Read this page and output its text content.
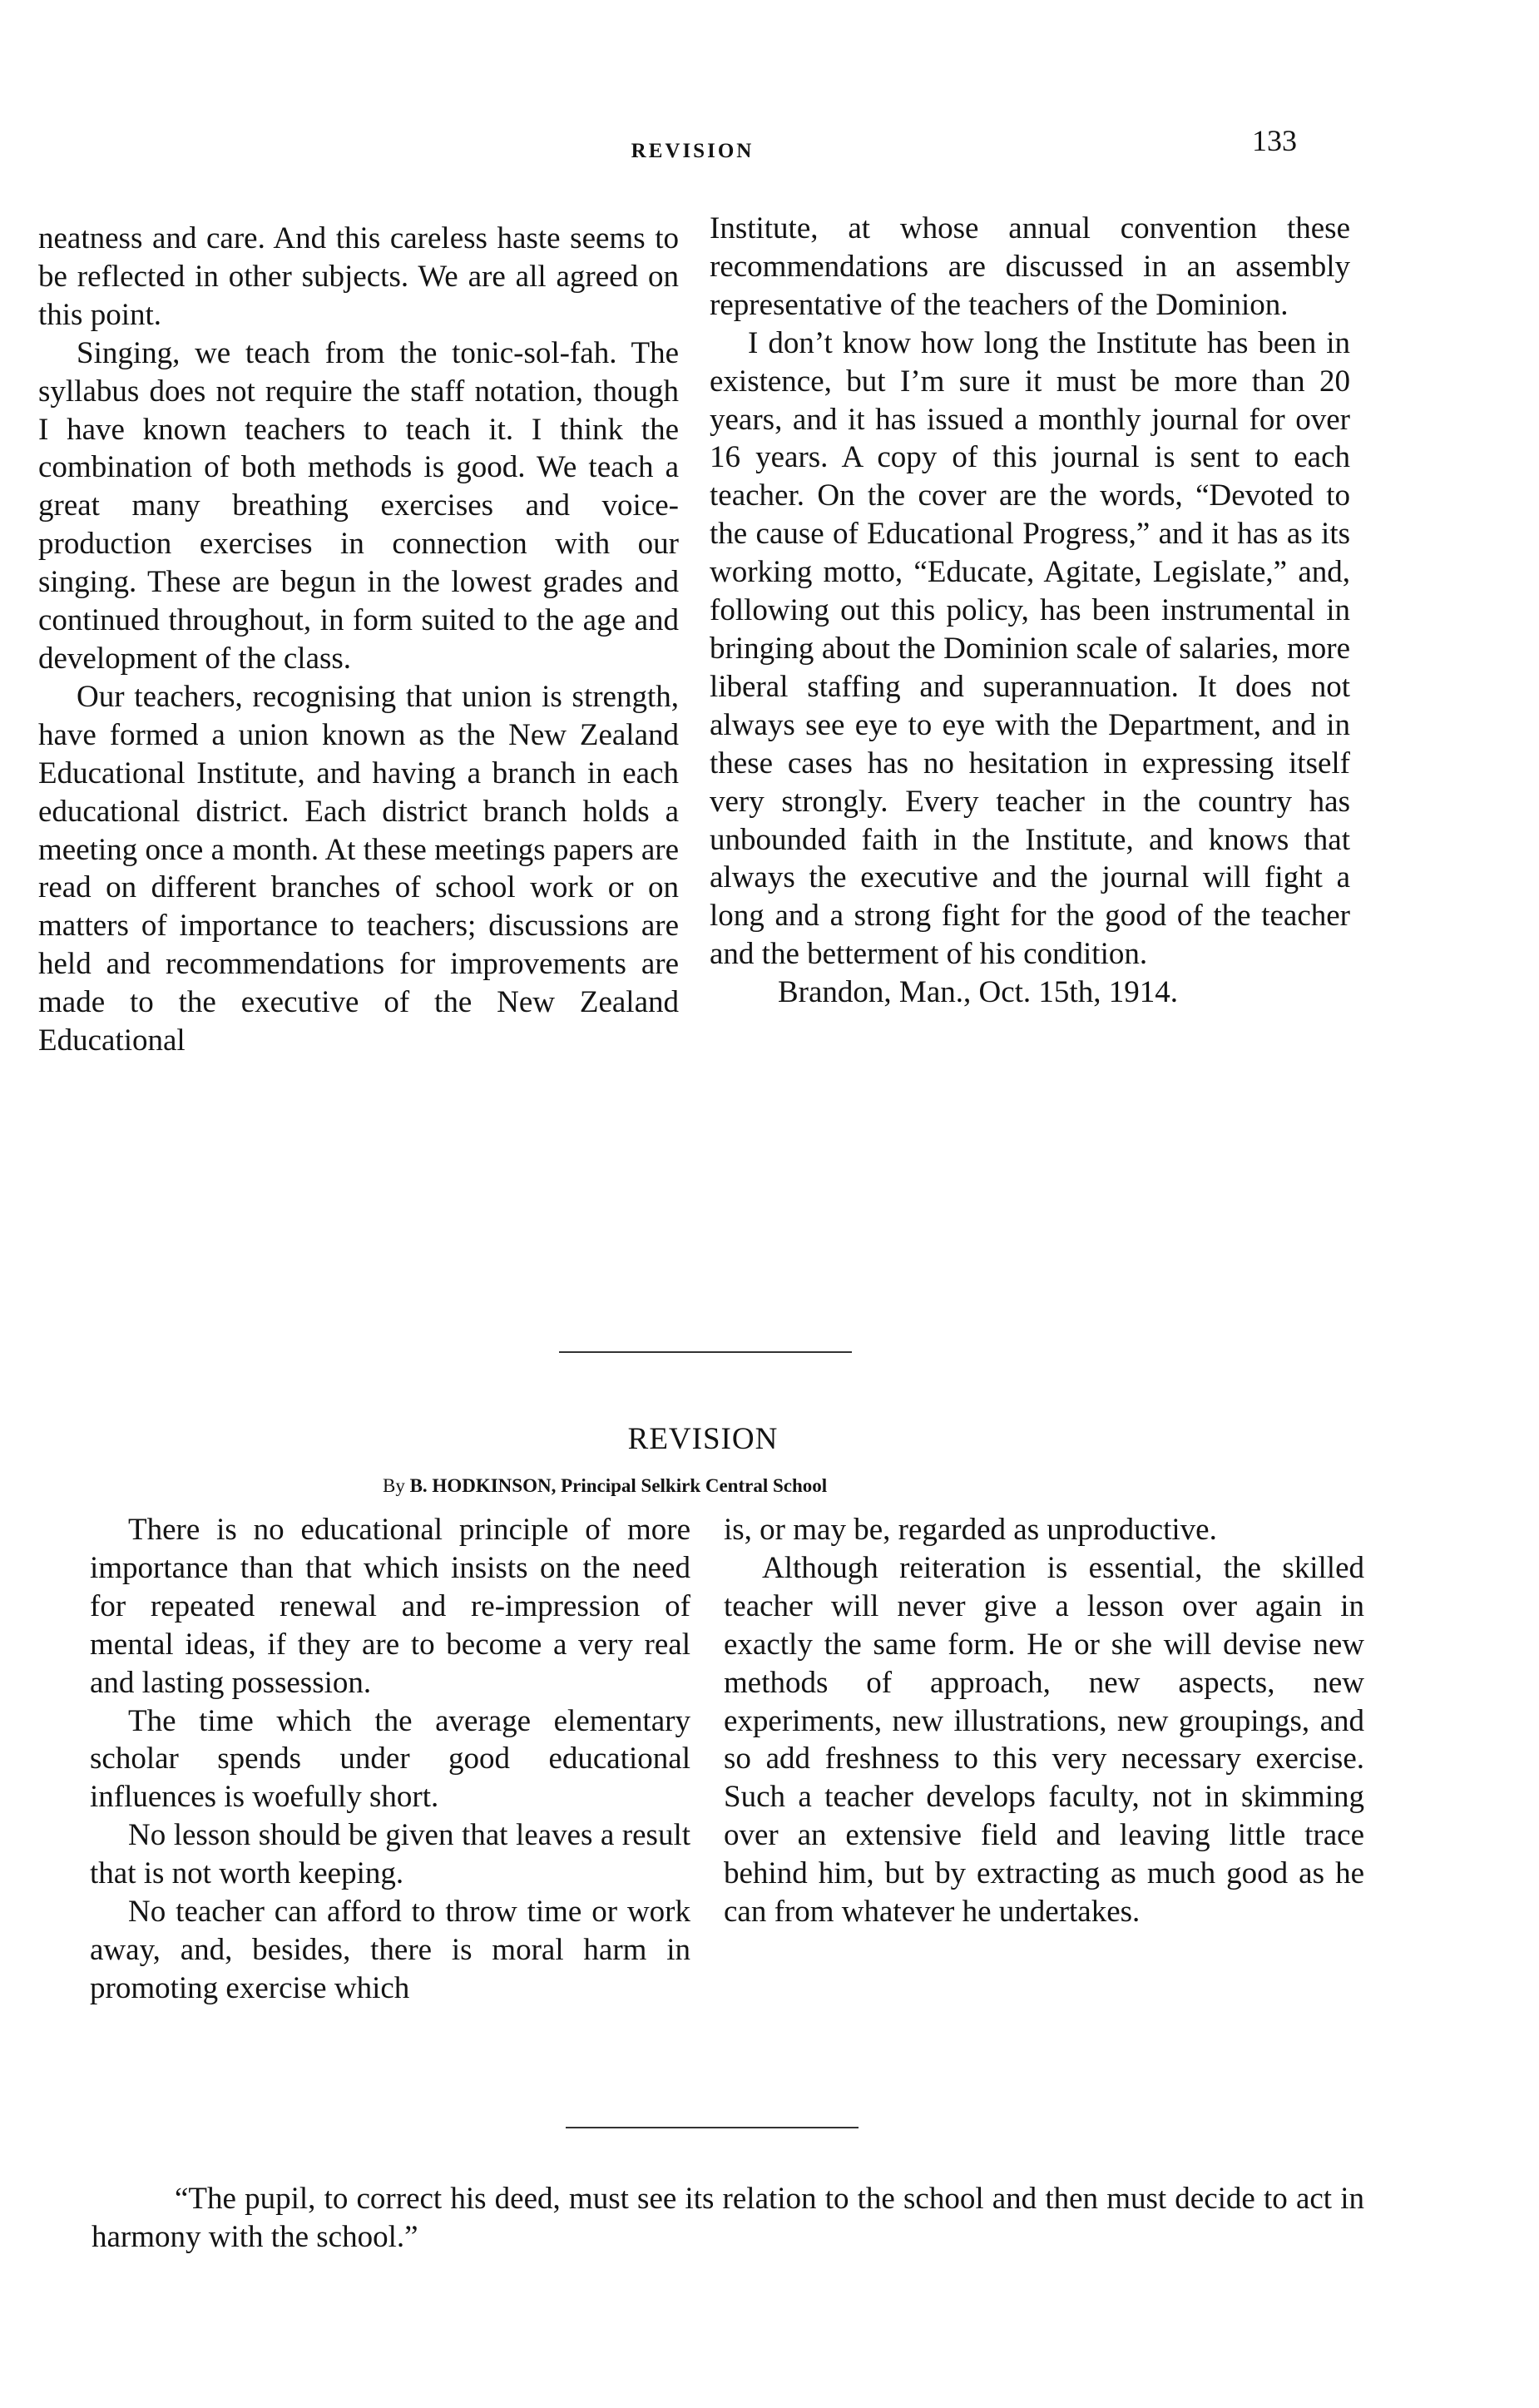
REVISION	133

neatness and care. And this careless haste seems to be reflected in other subjects. We are all agreed on this point.

Singing, we teach from the tonic-sol-fah. The syllabus does not require the staff notation, though I have known teachers to teach it. I think the combination of both methods is good. We teach a great many breathing exercises and voice-production exercises in connection with our singing. These are begun in the lowest grades and continued throughout, in form suited to the age and development of the class.

Our teachers, recognising that union is strength, have formed a union known as the New Zealand Educational Institute, and having a branch in each educational district. Each district branch holds a meeting once a month. At these meetings papers are read on different branches of school work or on matters of importance to teachers; discussions are held and recommendations for improvements are made to the executive of the New Zealand Educational

Institute, at whose annual convention these recommendations are discussed in an assembly representative of the teachers of the Dominion.

I don’t know how long the Institute has been in existence, but I’m sure it must be more than 20 years, and it has issued a monthly journal for over 16 years. A copy of this journal is sent to each teacher. On the cover are the words, “Devoted to the cause of Educational Progress,” and it has as its working motto, “Educate, Agitate, Legislate,” and, following out this policy, has been instrumental in bringing about the Dominion scale of salaries, more liberal staffing and superannuation. It does not always see eye to eye with the Department, and in these cases has no hesitation in expressing itself very strongly. Every teacher in the country has unbounded faith in the Institute, and knows that always the executive and the journal will fight a long and a strong fight for the good of the teacher and the betterment of his condition.

Brandon, Man., Oct. 15th, 1914.

REVISION
By B. HODKINSON, Principal Selkirk Central School

There is no educational principle of more importance than that which insists on the need for repeated renewal and re-impression of mental ideas, if they are to become a very real and lasting possession.

The time which the average elementary scholar spends under good educational influences is woefully short.

No lesson should be given that leaves a result that is not worth keeping.

No teacher can afford to throw time or work away, and, besides, there is moral harm in promoting exercise which

is, or may be, regarded as unproductive.

Although reiteration is essential, the skilled teacher will never give a lesson over again in exactly the same form. He or she will devise new methods of approach, new aspects, new experiments, new illustrations, new groupings, and so add freshness to this very necessary exercise. Such a teacher develops faculty, not in skimming over an extensive field and leaving little trace behind him, but by extracting as much good as he can from whatever he undertakes.

“The pupil, to correct his deed, must see its relation to the school and then must decide to act in harmony with the school.”
